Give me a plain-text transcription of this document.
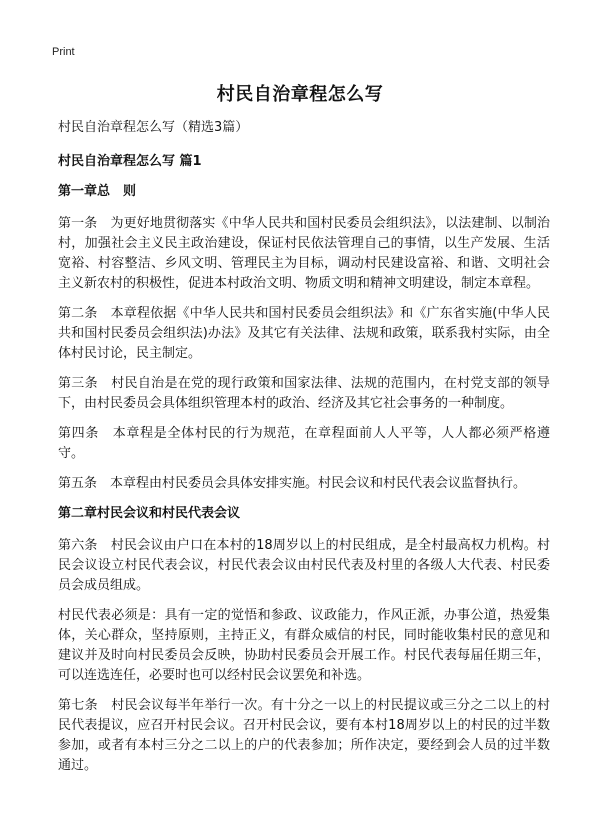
Print
村民自治章程怎么写

村民自治章程怎么写（精选3篇）

村民自治章程怎么写 篇1

第一章总　则

第一条　为更好地贯彻落实《中华人民共和国村民委员会组织法》，以法建制、以制治村，加强社会主义民主政治建设，保证村民依法管理自己的事情，以生产发展、生活宽裕、村容整洁、乡风文明、管理民主为目标，调动村民建设富裕、和谐、文明社会主义新农村的积极性，促进本村政治文明、物质文明和精神文明建设，制定本章程。

第二条　本章程依据《中华人民共和国村民委员会组织法》和《广东省实施(中华人民共和国村民委员会组织法)办法》及其它有关法律、法规和政策，联系我村实际，由全体村民讨论，民主制定。

第三条　村民自治是在党的现行政策和国家法律、法规的范围内，在村党支部的领导下，由村民委员会具体组织管理本村的政治、经济及其它社会事务的一种制度。

第四条　本章程是全体村民的行为规范，在章程面前人人平等，人人都必须严格遵守。

第五条　本章程由村民委员会具体安排实施。村民会议和村民代表会议监督执行。

第二章村民会议和村民代表会议

第六条　村民会议由户口在本村的18周岁以上的村民组成，是全村最高权力机构。村民会议设立村民代表会议，村民代表会议由村民代表及村里的各级人大代表、村民委员会成员组成。

村民代表必须是：具有一定的觉悟和参政、议政能力，作风正派，办事公道，热爱集体，关心群众，坚持原则，主持正义，有群众威信的村民，同时能收集村民的意见和建议并及时向村民委员会反映，协助村民委员会开展工作。村民代表每届任期三年，可以连选连任，必要时也可以经村民会议罢免和补选。

第七条　村民会议每半年举行一次。有十分之一以上的村民提议或三分之二以上的村民代表提议，应召开村民会议。召开村民会议，要有本村18周岁以上的村民的过半数参加，或者有本村三分之二以上的户的代表参加；所作决定，要经到会人员的过半数通过。
